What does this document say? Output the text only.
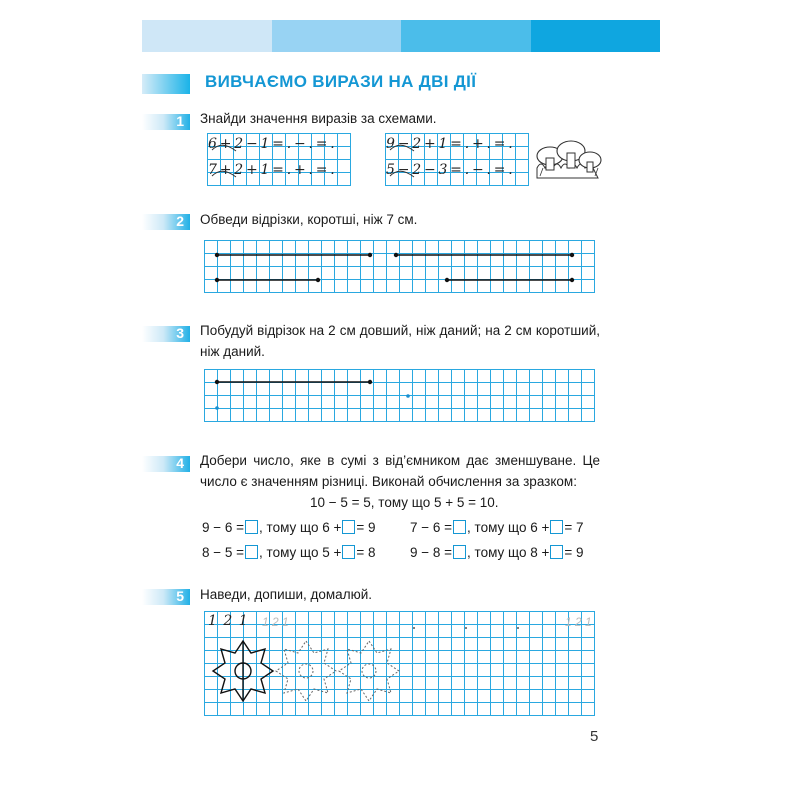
ВИВЧАЄМО ВИРАЗИ НА ДВІ ДІЇ
1 Знайди значення виразів за схемами.
6+2−1=.−.=.
7+2+1=.+.=.
9−2+1=.+.=.
5−2−3=.−.=.
2 Обведи відрізки, коротші, ніж 7 см.
3 Побудуй відрізок на 2 см довший, ніж даний; на 2 см коротший, ніж даний.
4 Добери число, яке в сумі з від’ємником дає зменшуване. Це число є значенням різниці. Виконай обчислення за зразком:
10 − 5 = 5, тому що 5 + 5 = 10.
9 − 6 = , тому що 6 + = 9	7 − 6 = , тому що 6 + = 7
8 − 5 = , тому що 5 + = 8	9 − 8 = , тому що 8 + = 9
5 Наведи, допиши, домалюй.
1 2 1 1 2 1	1 2 1
5
